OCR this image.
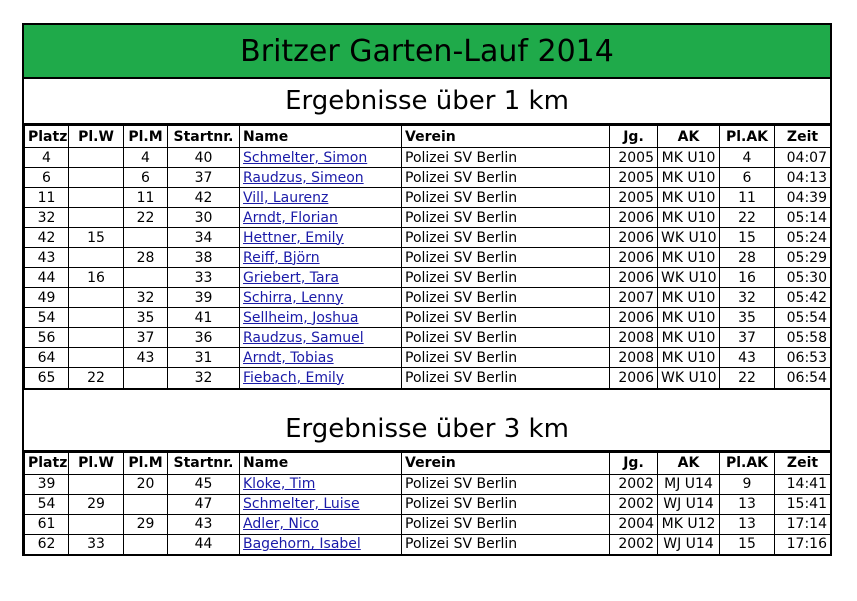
Britzer Garten-Lauf 2014
Ergebnisse über 1 km
Platz	Pl.W	Pl.M	Startnr.	Name	Verein	Jg.	AK	Pl.AK	Zeit
4		4	40	Schmelter, Simon	Polizei SV Berlin	2005	MK U10	4	04:07
6		6	37	Raudzus, Simeon	Polizei SV Berlin	2005	MK U10	6	04:13
11		11	42	Vill, Laurenz	Polizei SV Berlin	2005	MK U10	11	04:39
32		22	30	Arndt, Florian	Polizei SV Berlin	2006	MK U10	22	05:14
42	15		34	Hettner, Emily	Polizei SV Berlin	2006	WK U10	15	05:24
43		28	38	Reiff, Björn	Polizei SV Berlin	2006	MK U10	28	05:29
44	16		33	Griebert, Tara	Polizei SV Berlin	2006	WK U10	16	05:30
49		32	39	Schirra, Lenny	Polizei SV Berlin	2007	MK U10	32	05:42
54		35	41	Sellheim, Joshua	Polizei SV Berlin	2006	MK U10	35	05:54
56		37	36	Raudzus, Samuel	Polizei SV Berlin	2008	MK U10	37	05:58
64		43	31	Arndt, Tobias	Polizei SV Berlin	2008	MK U10	43	06:53
65	22		32	Fiebach, Emily	Polizei SV Berlin	2006	WK U10	22	06:54
Ergebnisse über 3 km
Platz	Pl.W	Pl.M	Startnr.	Name	Verein	Jg.	AK	Pl.AK	Zeit
39		20	45	Kloke, Tim	Polizei SV Berlin	2002	MJ U14	9	14:41
54	29		47	Schmelter, Luise	Polizei SV Berlin	2002	WJ U14	13	15:41
61		29	43	Adler, Nico	Polizei SV Berlin	2004	MK U12	13	17:14
62	33		44	Bagehorn, Isabel	Polizei SV Berlin	2002	WJ U14	15	17:16
